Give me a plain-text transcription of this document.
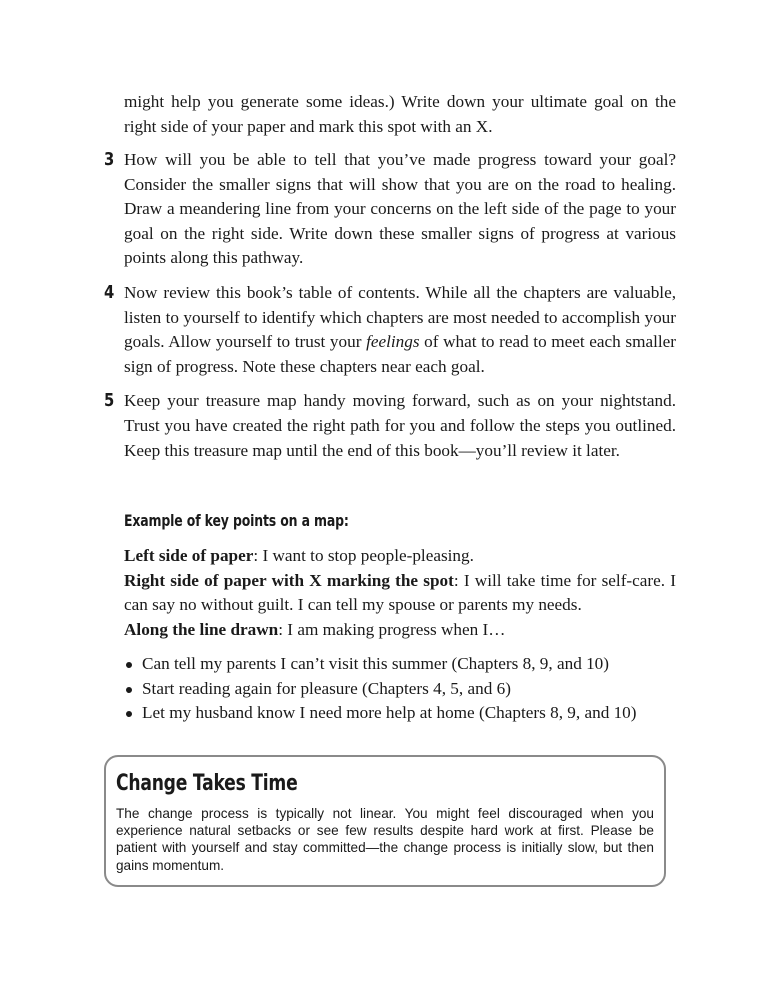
might help you generate some ideas.) Write down your ultimate goal on the right side of your paper and mark this spot with an X.

3 How will you be able to tell that you’ve made progress toward your goal? Consider the smaller signs that will show that you are on the road to healing. Draw a meandering line from your concerns on the left side of the page to your goal on the right side. Write down these smaller signs of progress at various points along this pathway.
4 Now review this book’s table of contents. While all the chapters are valuable, listen to yourself to identify which chapters are most needed to accomplish your goals. Allow yourself to trust your feelings of what to read to meet each smaller sign of progress. Note these chapters near each goal.
5 Keep your treasure map handy moving forward, such as on your nightstand. Trust you have created the right path for you and follow the steps you outlined. Keep this treasure map until the end of this book—you’ll review it later.
Example of key points on a map:
Left side of paper: I want to stop people-pleasing.
Right side of paper with X marking the spot: I will take time for self-care. I can say no without guilt. I can tell my spouse or parents my needs.
Along the line drawn: I am making progress when I…
Can tell my parents I can’t visit this summer (Chapters 8, 9, and 10)
Start reading again for pleasure (Chapters 4, 5, and 6)
Let my husband know I need more help at home (Chapters 8, 9, and 10)
Change Takes Time
The change process is typically not linear. You might feel discouraged when you experience natural setbacks or see few results despite hard work at first. Please be patient with yourself and stay committed—the change process is initially slow, but then gains momentum.
